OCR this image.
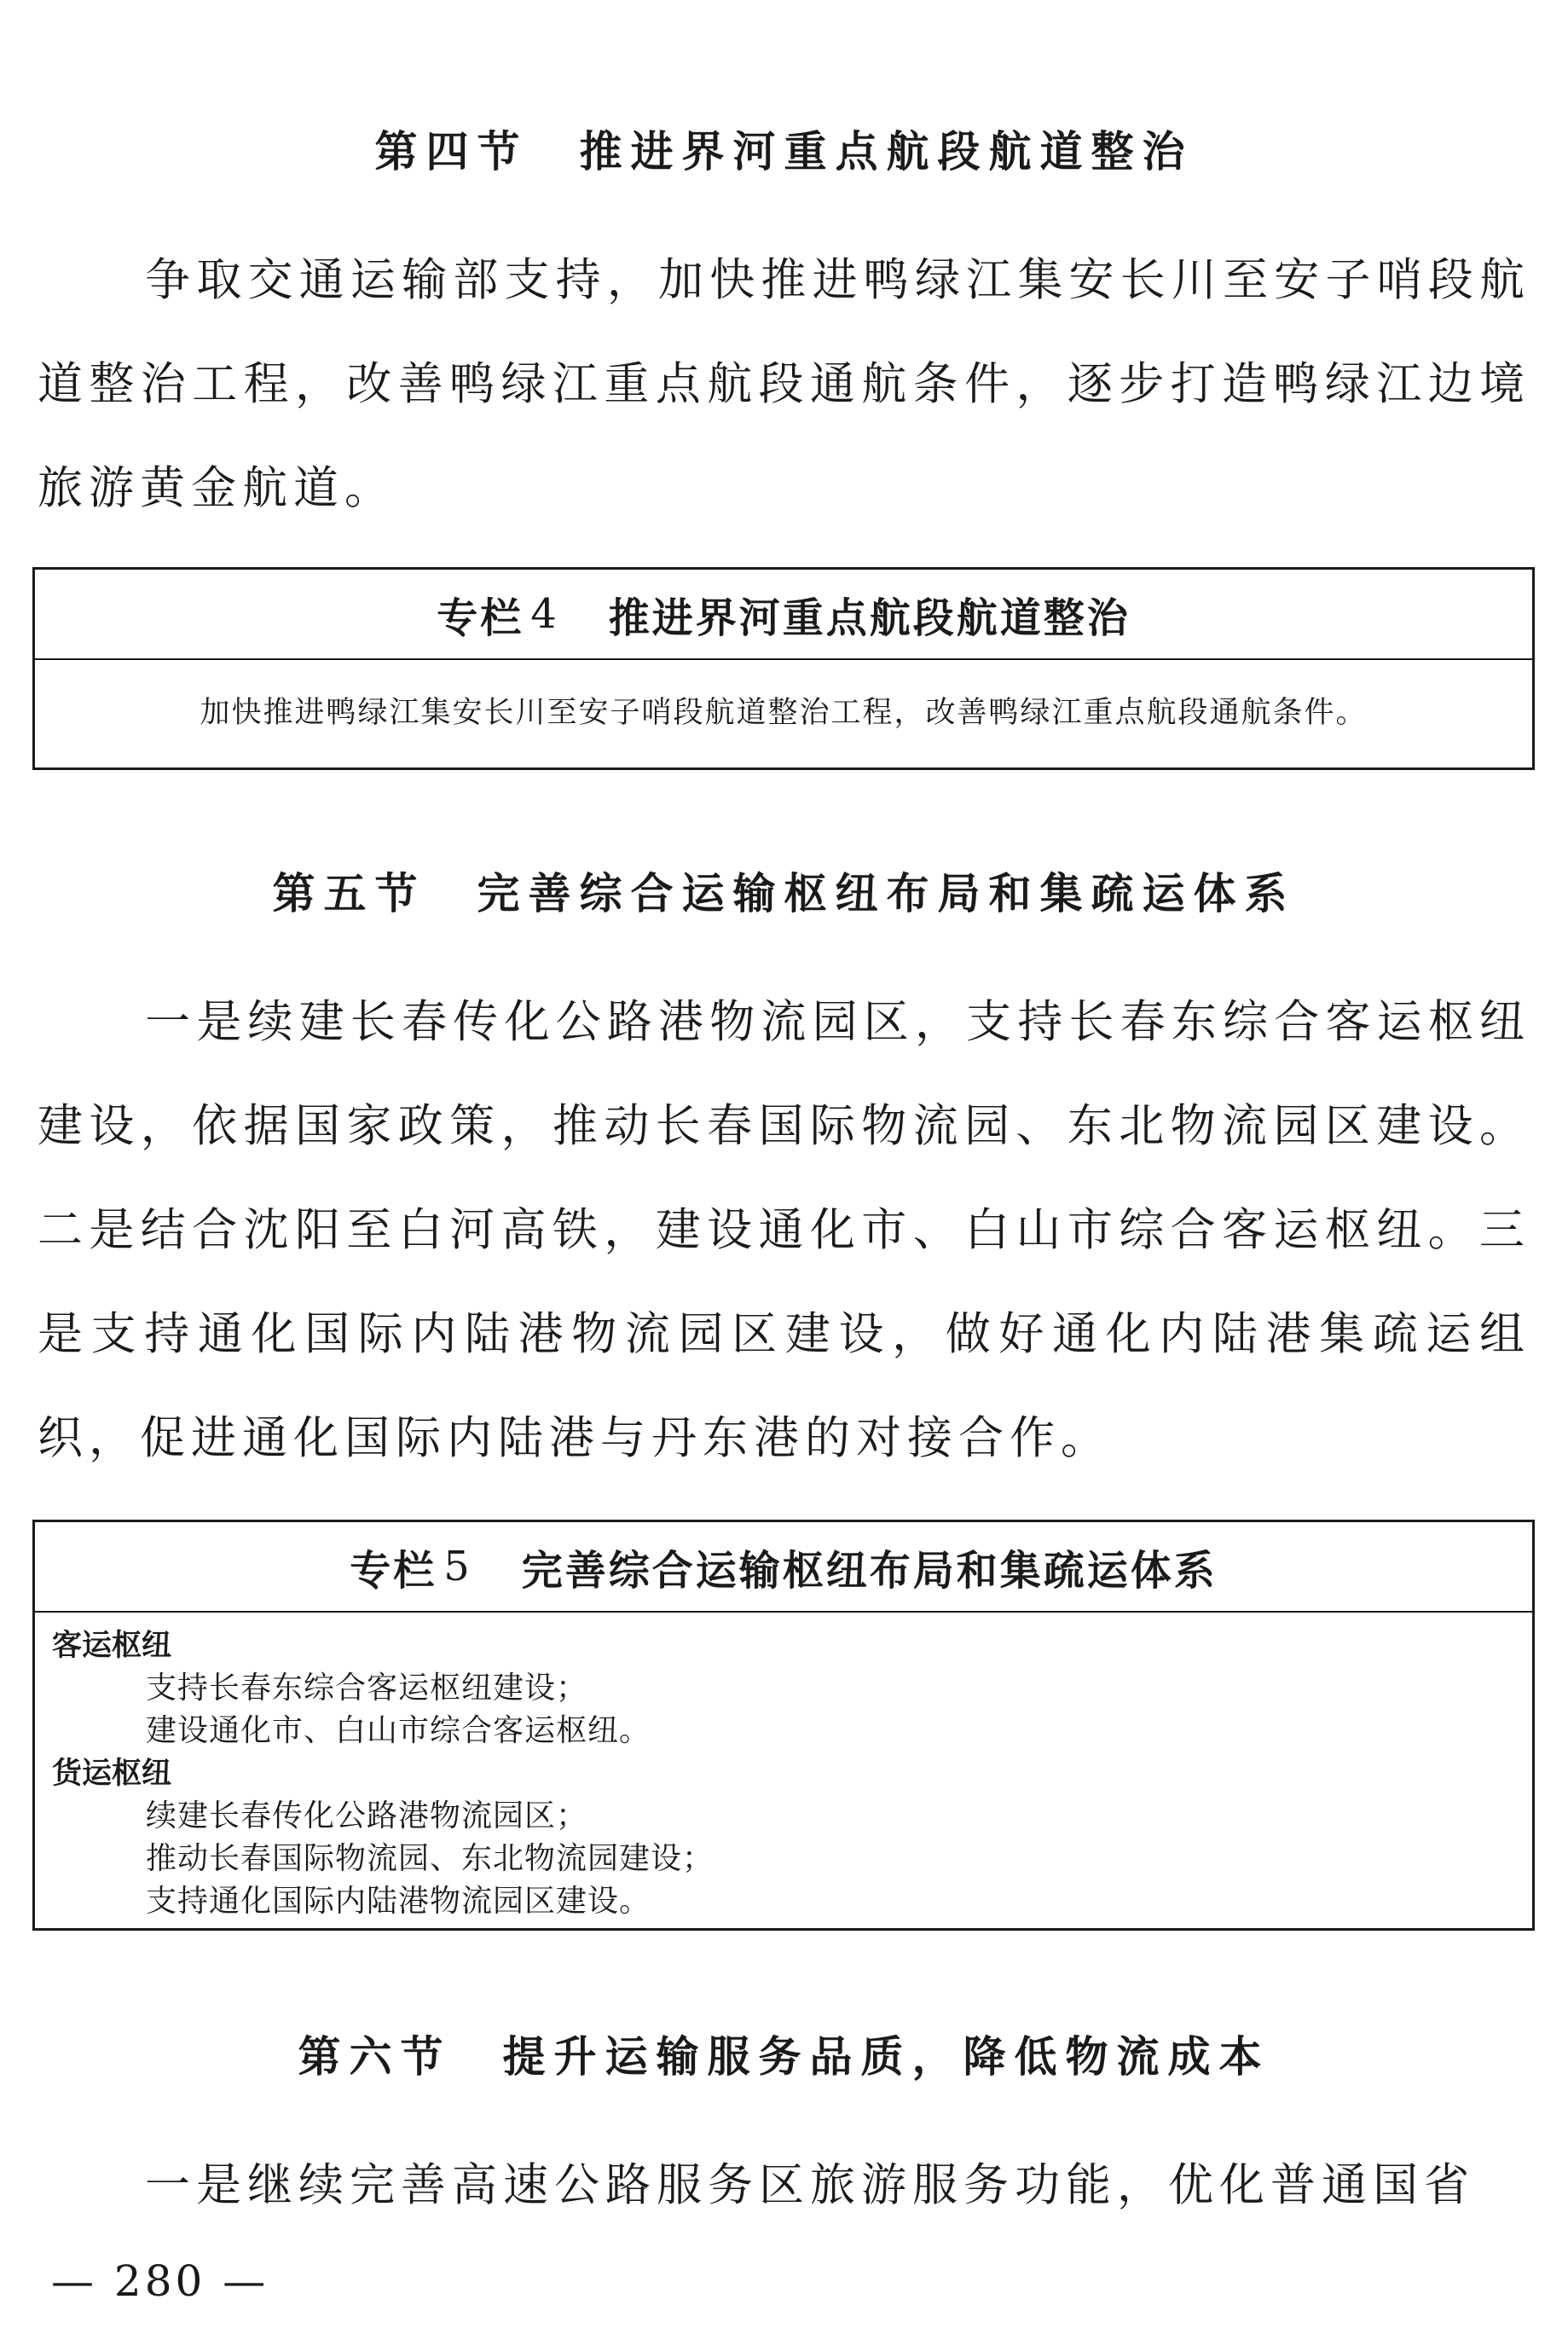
第四节 推进界河重点航段航道整治

争取交通运输部支持，加快推进鸭绿江集安长川至安子哨段航道整治工程，改善鸭绿江重点航段通航条件，逐步打造鸭绿江边境旅游黄金航道。

专栏 4 推进界河重点航段航道整治
加快推进鸭绿江集安长川至安子哨段航道整治工程，改善鸭绿江重点航段通航条件。
第五节 完善综合运输枢纽布局和集疏运体系

一是续建长春传化公路港物流园区，支持长春东综合客运枢纽建设，依据国家政策，推动长春国际物流园、东北物流园区建设。二是结合沈阳至白河高铁，建设通化市、白山市综合客运枢纽。三是支持通化国际内陆港物流园区建设，做好通化内陆港集疏运组织，促进通化国际内陆港与丹东港的对接合作。

专栏 5 完善综合运输枢纽布局和集疏运体系
客运枢纽
支持长春东综合客运枢纽建设；
建设通化市、白山市综合客运枢纽。
货运枢纽
续建长春传化公路港物流园区；
推动长春国际物流园、东北物流园建设；
支持通化国际内陆港物流园区建设。
第六节 提升运输服务品质，降低物流成本

一是继续完善高速公路服务区旅游服务功能，优化普通国省

— 280 —
